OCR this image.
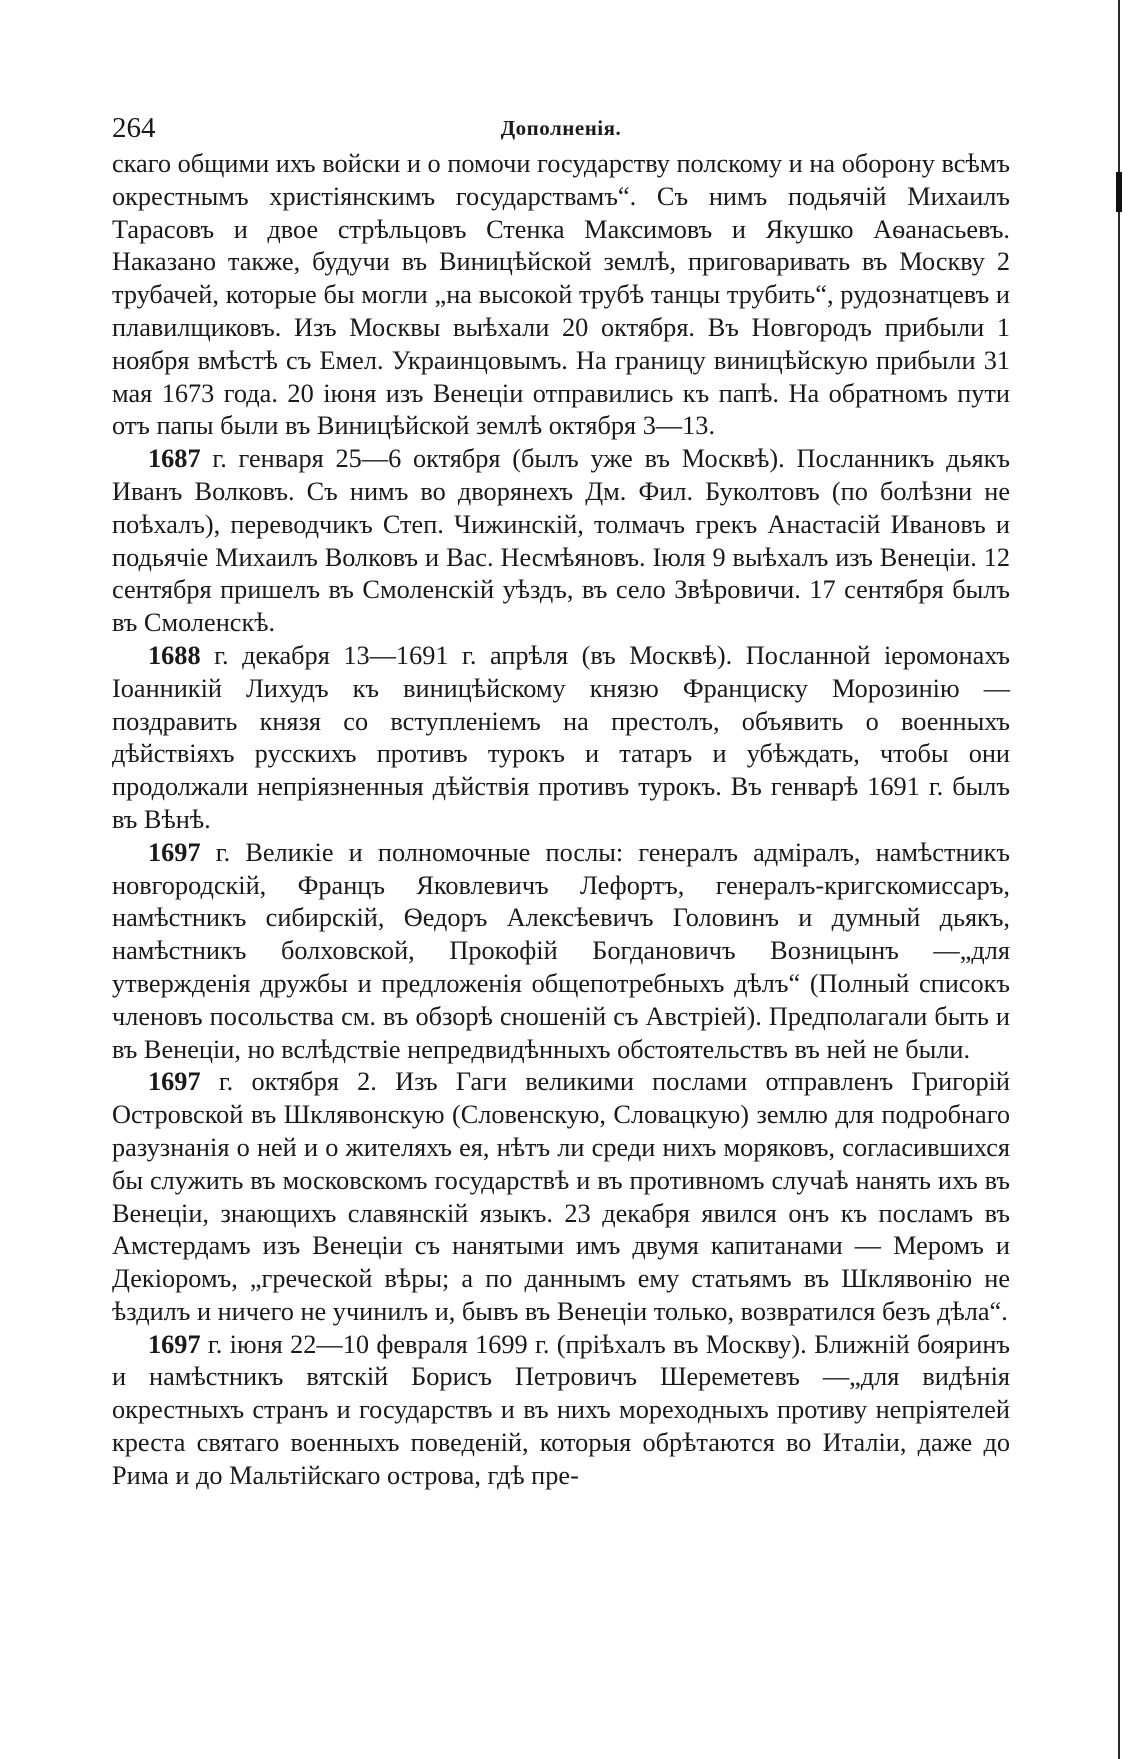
264	Дополненія.

скаго общими ихъ войски и о помочи государству полскому и на оборону всѣмъ окрестнымъ христіянскимъ государствамъ“. Съ нимъ подьячій Михаилъ Тарасовъ и двое стрѣльцовъ Стенка Максимовъ и Якушко Аѳанасьевъ. Наказано также, будучи въ Виницѣйской землѣ, приговаривать въ Москву 2 трубачей, которые бы могли „на высокой трубѣ танцы трубить“, рудознатцевъ и плавилщиковъ. Изъ Москвы выѣхали 20 октября. Въ Новгородъ прибыли 1 ноября вмѣстѣ съ Емел. Украинцовымъ. На границу виницѣйскую прибыли 31 мая 1673 года. 20 іюня изъ Венеціи отправились къ папѣ. На обратномъ пути отъ папы были въ Виницѣйской землѣ октября 3—13.

1687 г. генваря 25—6 октября (былъ уже въ Москвѣ). Посланникъ дьякъ Иванъ Волковъ. Съ нимъ во дворянехъ Дм. Фил. Буколтовъ (по болѣзни не поѣхалъ), переводчикъ Степ. Чижинскій, толмачъ грекъ Анастасій Ивановъ и подьячіе Михаилъ Волковъ и Вас. Несмѣяновъ. Іюля 9 выѣхалъ изъ Венеціи. 12 сентября пришелъ въ Смоленскій уѣздъ, въ село Звѣровичи. 17 сентября былъ въ Смоленскѣ.

1688 г. декабря 13—1691 г. апрѣля (въ Москвѣ). Посланной іеромонахъ Іоанникій Лихудъ къ виницѣйскому князю Франциску Морозинію — поздравить князя со вступленіемъ на престолъ, объявить о военныхъ дѣйствіяхъ русскихъ противъ турокъ и татаръ и убѣждать, чтобы они продолжали непріязненныя дѣйствія противъ турокъ. Въ генварѣ 1691 г. былъ въ Вѣнѣ.

1697 г. Великіе и полномочные послы: генералъ адміралъ, намѣстникъ новгородскій, Францъ Яковлевичъ Лефортъ, генералъ-кригскомиссаръ, намѣстникъ сибирскій, Ѳедоръ Алексѣевичъ Головинъ и думный дьякъ, намѣстникъ болховской, Прокофій Богдановичъ Возницынъ —„для утвержденія дружбы и предложенія общепотребныхъ дѣлъ“ (Полный списокъ членовъ посольства см. въ обзорѣ сношеній съ Австріей). Предполагали быть и въ Венеціи, но вслѣдствіе непредвидѣнныхъ обстоятельствъ въ ней не были.

1697 г. октября 2. Изъ Гаги великими послами отправленъ Григорій Островской въ Шклявонскую (Словенскую, Словацкую) землю для подробнаго разузнанія о ней и о жителяхъ ея, нѣтъ ли среди нихъ моряковъ, согласившихся бы служить въ московскомъ государствѣ и въ противномъ случаѣ нанять ихъ въ Венеціи, знающихъ славянскій языкъ. 23 декабря явился онъ къ посламъ въ Амстердамъ изъ Венеціи съ нанятыми имъ двумя капитанами — Меромъ и Декіоромъ, „греческой вѣры; а по даннымъ ему статьямъ въ Шклявонію не ѣздилъ и ничего не учинилъ и, бывъ въ Венеціи только, возвратился безъ дѣла“.

1697 г. іюня 22—10 февраля 1699 г. (пріѣхалъ въ Москву). Ближній бояринъ и намѣстникъ вятскій Борисъ Петровичъ Шереметевъ —„для видѣнія окрестныхъ странъ и государствъ и въ нихъ мореходныхъ противу непріятелей креста святаго военныхъ поведеній, которыя обрѣтаются во Италіи, даже до Рима и до Мальтійскаго острова, гдѣ пре-
